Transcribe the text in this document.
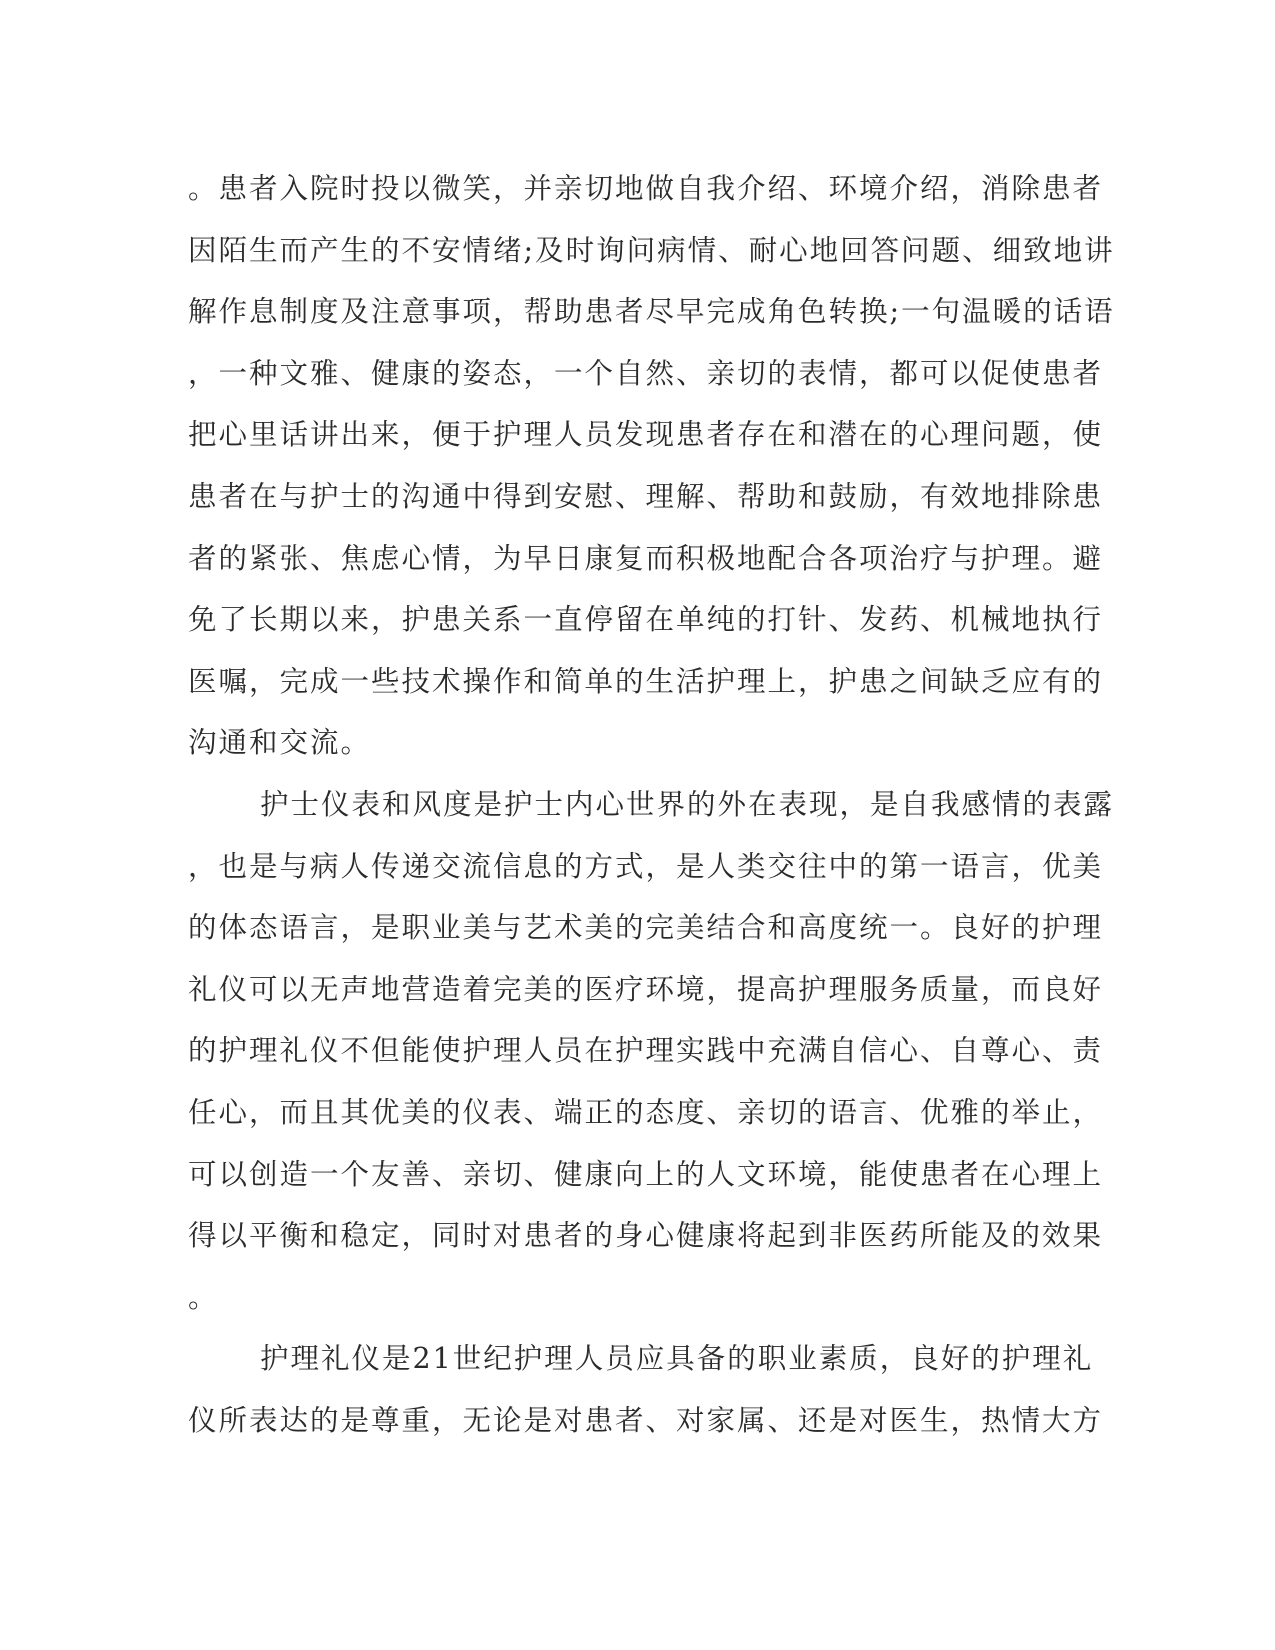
。患者入院时投以微笑，并亲切地做自我介绍、环境介绍，消除患者
因陌生而产生的不安情绪;及时询问病情、耐心地回答问题、细致地讲
解作息制度及注意事项，帮助患者尽早完成角色转换;一句温暖的话语
，一种文雅、健康的姿态，一个自然、亲切的表情，都可以促使患者
把心里话讲出来，便于护理人员发现患者存在和潜在的心理问题，使
患者在与护士的沟通中得到安慰、理解、帮助和鼓励，有效地排除患
者的紧张、焦虑心情，为早日康复而积极地配合各项治疗与护理。避
免了长期以来，护患关系一直停留在单纯的打针、发药、机械地执行
医嘱，完成一些技术操作和简单的生活护理上，护患之间缺乏应有的
沟通和交流。
护士仪表和风度是护士内心世界的外在表现，是自我感情的表露
，也是与病人传递交流信息的方式，是人类交往中的第一语言，优美
的体态语言，是职业美与艺术美的完美结合和高度统一。良好的护理
礼仪可以无声地营造着完美的医疗环境，提高护理服务质量，而良好
的护理礼仪不但能使护理人员在护理实践中充满自信心、自尊心、责
任心，而且其优美的仪表、端正的态度、亲切的语言、优雅的举止，
可以创造一个友善、亲切、健康向上的人文环境，能使患者在心理上
得以平衡和稳定，同时对患者的身心健康将起到非医药所能及的效果
。
护理礼仪是21世纪护理人员应具备的职业素质，良好的护理礼
仪所表达的是尊重，无论是对患者、对家属、还是对医生，热情大方
